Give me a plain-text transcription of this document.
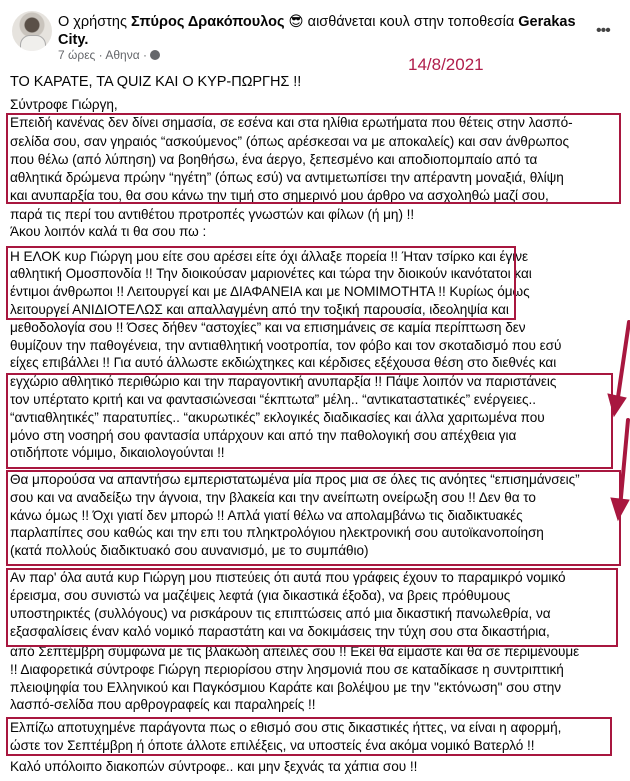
Ο χρήστης Σπύρος Δρακόπουλος 😎 αισθάνεται κουλ στην τοποθεσία Gerakas
City.
7 ώρες · Αθηνα ·
•••
14/8/2021
ΤΟ ΚΑΡΑΤΕ, ΤΑ QUIZ ΚΑΙ Ο ΚΥΡ-ΠΩΡΓΗΣ !!
Σύντροφε Γιώργη,
Επειδή κανένας δεν δίνει σημασία, σε εσένα και στα ηλίθια ερωτήματα που θέτεις στην λασπό-
σελίδα σου, σαν γηραιός “ασκούμενος” (όπως αρέσκεσαι να με αποκαλείς) και σαν άνθρωπος
που θέλω (από λύπηση) να βοηθήσω, ένα άεργο, ξεπεσμένο και αποδιοπομπαίο από τα
αθλητικά δρώμενα πρώην “ηγέτη” (όπως εσύ) να αντιμετωπίσει την απέραντη μοναξιά, θλίψη
και ανυπαρξία του, θα σου κάνω την τιμή στο σημερινό μου άρθρο να ασχοληθώ μαζί σου,
παρά τις περί του αντιθέτου προτροπές γνωστών και φίλων (ή μη) !!
Άκου λοιπόν καλά τι θα σου πω :
Η ΕΛΟΚ κυρ Γιώργη μου είτε σου αρέσει είτε όχι άλλαξε πορεία !! Ήταν τσίρκο και έγινε
αθλητική Ομοσπονδία !! Την διοικούσαν μαριονέτες και τώρα την διοικούν ικανότατοι και
έντιμοι άνθρωποι !! Λειτουργεί και με ΔΙΑΦΑΝΕΙΑ και με ΝΟΜΙΜΟΤΗΤΑ !! Κυρίως όμως
λειτουργεί ΑΝΙΔΙΟΤΕΛΩΣ και απαλλαγμένη από την τοξική παρουσία, ιδεοληψία και
μεθοδολογία σου !! Όσες δήθεν “αστοχίες” και να επισημάνεις σε καμία περίπτωση δεν
θυμίζουν την παθογένεια, την αντιαθλητική νοοτροπία, τον φόβο και τον σκοταδισμό που εσύ
είχες επιβάλλει !! Για αυτό άλλωστε εκδιώχτηκες και κέρδισες εξέχουσα θέση στο διεθνές και
εγχώριο αθλητικό περιθώριο και την παραγοντική ανυπαρξία !! Πάψε λοιπόν να παριστάνεις
τον υπέρτατο κριτή και να φαντασιώνεσαι “έκπτωτα” μέλη.. “αντικαταστατικές” ενέργειες..
“αντιαθλητικές” παρατυπίες.. “ακυρωτικές” εκλογικές διαδικασίες και άλλα χαριτωμένα που
μόνο στη νοσηρή σου φαντασία υπάρχουν και από την παθολογική σου απέχθεια για
οτιδήποτε νόμιμο, δικαιολογούνται !!
Θα μπορούσα να απαντήσω εμπεριστατωμένα μία προς μια σε όλες τις ανόητες “επισημάνσεις”
σου και να αναδείξω την άγνοια, την βλακεία και την ανείπωτη ονείρωξη σου !! Δεν θα το
κάνω όμως !! Όχι γιατί δεν μπορώ !! Απλά γιατί θέλω να απολαμβάνω τις διαδικτυακές
παρλαπίπες σου καθώς και την επι του πληκτρολόγιου ηλεκτρονική σου αυτοϊκανοποίηση
(κατά πολλούς διαδικτυακό σου αυνανισμό, με το συμπάθιο)
Αν παρ' όλα αυτά κυρ Γιώργη μου πιστεύεις ότι αυτά που γράφεις έχουν το παραμικρό νομικό
έρεισμα, σου συνιστώ να μαζέψεις λεφτά (για δικαστικά έξοδα), να βρεις πρόθυμους
υποστηρικτές (συλλόγους) να ρισκάρουν τις επιπτώσεις από μια δικαστική πανωλεθρία, να
εξασφαλίσεις έναν καλό νομικό παραστάτη και να δοκιμάσεις την τύχη σου στα δικαστήρια,
από Σεπτέμβρη σύμφωνα με τις βλακώδη απειλές σου !! Εκεί θα είμαστε και θα σε περιμένουμε
!! Διαφορετικά σύντροφε Γιώργη περιορίσου στην λησμονιά που σε καταδίκασε η συντριπτική
πλειοψηφία του Ελληνικού και Παγκόσμιου Καράτε και βολέψου με την "εκτόνωση" σου στην
λασπό-σελίδα που αρθρογραφείς και παραληρείς !!
Ελπίζω αποτυχημένε παράγοντα πως ο εθισμό σου στις δικαστικές ήττες, να είναι η αφορμή,
ώστε τον Σεπτέμβρη ή όποτε άλλοτε επιλέξεις, να υποστείς ένα ακόμα νομικό Βατερλό !!
Καλό υπόλοιπο διακοπών σύντροφε.. και μην ξεχνάς τα χάπια σου !!
